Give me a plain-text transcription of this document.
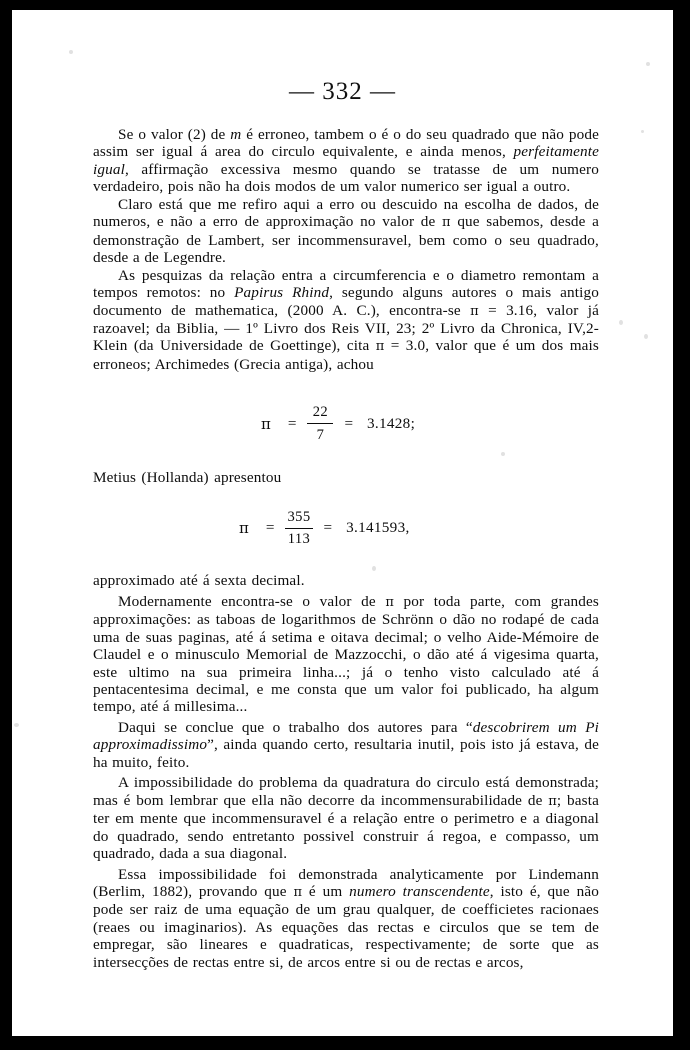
— 332 —

Se o valor (2) de m é erroneo, tambem o é o do seu quadrado que não pode assim ser igual á area do circulo equivalente, e ainda menos, perfeitamente igual, affirmação excessiva mesmo quando se tratasse de um numero verdadeiro, pois não ha dois modos de um valor numerico ser igual a outro.

Claro está que me refiro aqui a erro ou descuido na escolha de dados, de numeros, e não a erro de approximação no valor de π que sabemos, desde a demonstração de Lambert, ser incommensuravel, bem como o seu quadrado, desde a de Legendre.

As pesquizas da relação entra a circumferencia e o diametro remontam a tempos remotos: no Papirus Rhind, segundo alguns autores o mais antigo documento de mathematica, (2000 A. C.), encontra-se π = 3.16, valor já razoavel; da Biblia, — 1º Livro dos Reis VII, 23; 2º Livro da Chronica, IV,2-Klein (da Universidade de Goettinge), cita π = 3.0, valor que é um dos mais erroneos; Archimedes (Grecia antiga), achou

$\pi = \frac{22}{7} = 3.1428$;
Metius (Hollanda) apresentou
$\pi = \frac{355}{113} = 3.141593$,
approximado até á sexta decimal.

Modernamente encontra-se o valor de π por toda parte, com grandes approximações: as taboas de logarithmos de Schrönn o dão no rodapé de cada uma de suas paginas, até á setima e oitava decimal; o velho Aide-Mémoire de Claudel e o minusculo Memorial de Mazzocchi, o dão até á vigesima quarta, este ultimo na sua primeira linha...; já o tenho visto calculado até á pentacentesima decimal, e me consta que um valor foi publicado, ha algum tempo, até á millesima...

Daqui se conclue que o trabalho dos autores para “descobrirem um Pi approximadissimo”, ainda quando certo, resultaria inutil, pois isto já estava, de ha muito, feito.

A impossibilidade do problema da quadratura do circulo está demonstrada; mas é bom lembrar que ella não decorre da incommensurabilidade de π; basta ter em mente que incommensuravel é a relação entre o perimetro e a diagonal do quadrado, sendo entretanto possivel construir á regoa, e compasso, um quadrado, dada a sua diagonal.

Essa impossibilidade foi demonstrada analyticamente por Lindemann (Berlim, 1882), provando que π é um numero transcendente, isto é, que não pode ser raiz de uma equação de um grau qualquer, de coefficietes racionaes (reaes ou imaginarios). As equações das rectas e circulos que se tem de empregar, são lineares e quadraticas, respectivamente; de sorte que as intersecções de rectas entre si, de arcos entre si ou de rectas e arcos,
